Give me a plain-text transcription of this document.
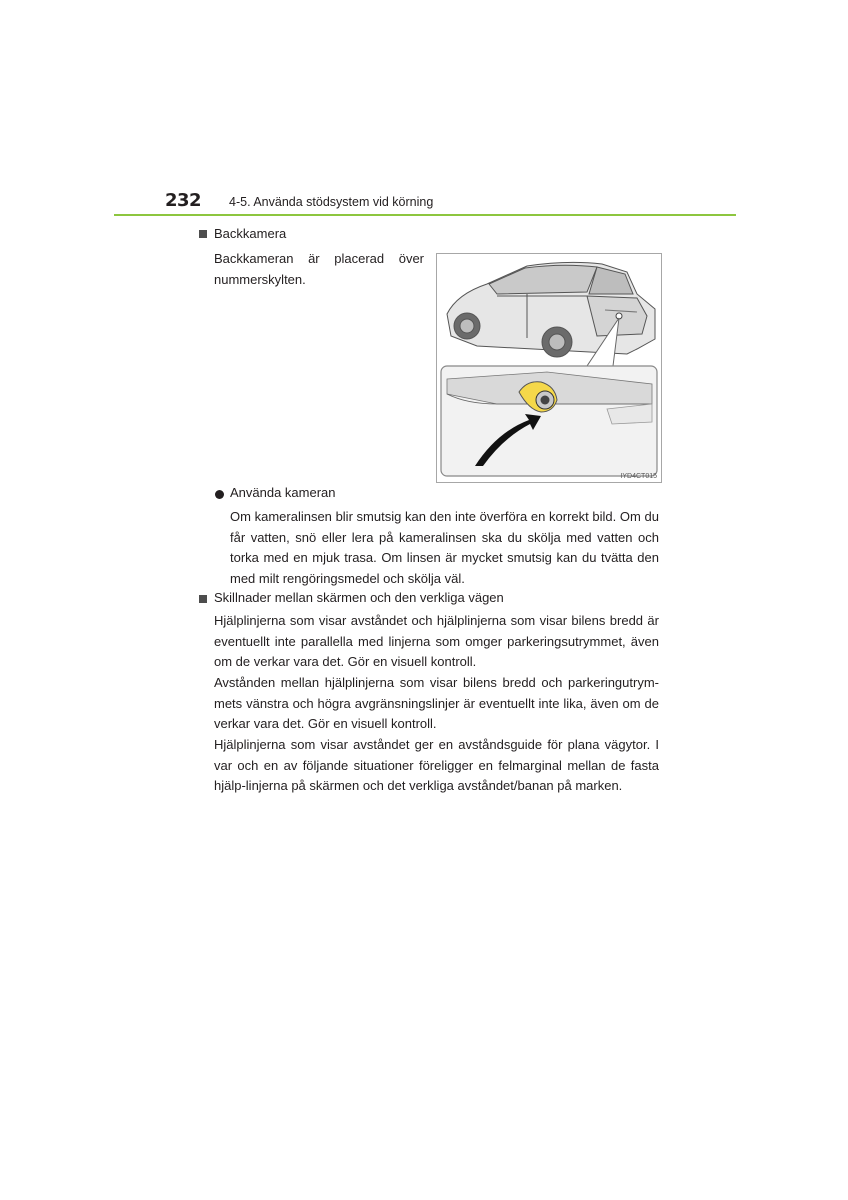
232 4-5. Använda stödsystem vid körning
Backkamera

Backkameran är placerad över nummerskylten.

IYD4CT015
Använda kameran

Om kameralinsen blir smutsig kan den inte överföra en korrekt bild. Om du får vatten, snö eller lera på kameralinsen ska du skölja med vatten och torka med en mjuk trasa. Om linsen är mycket smutsig kan du tvätta den med milt rengöringsmedel och skölja väl.

Skillnader mellan skärmen och den verkliga vägen

Hjälplinjerna som visar avståndet och hjälplinjerna som visar bilens bredd är eventuellt inte parallella med linjerna som omger parkeringsutrymmet, även om de verkar vara det. Gör en visuell kontroll.

Avstånden mellan hjälplinjerna som visar bilens bredd och parkeringutrym-mets vänstra och högra avgränsningslinjer är eventuellt inte lika, även om de verkar vara det. Gör en visuell kontroll.

Hjälplinjerna som visar avståndet ger en avståndsguide för plana vägytor. I var och en av följande situationer föreligger en felmarginal mellan de fasta hjälp-linjerna på skärmen och det verkliga avståndet/banan på marken.
